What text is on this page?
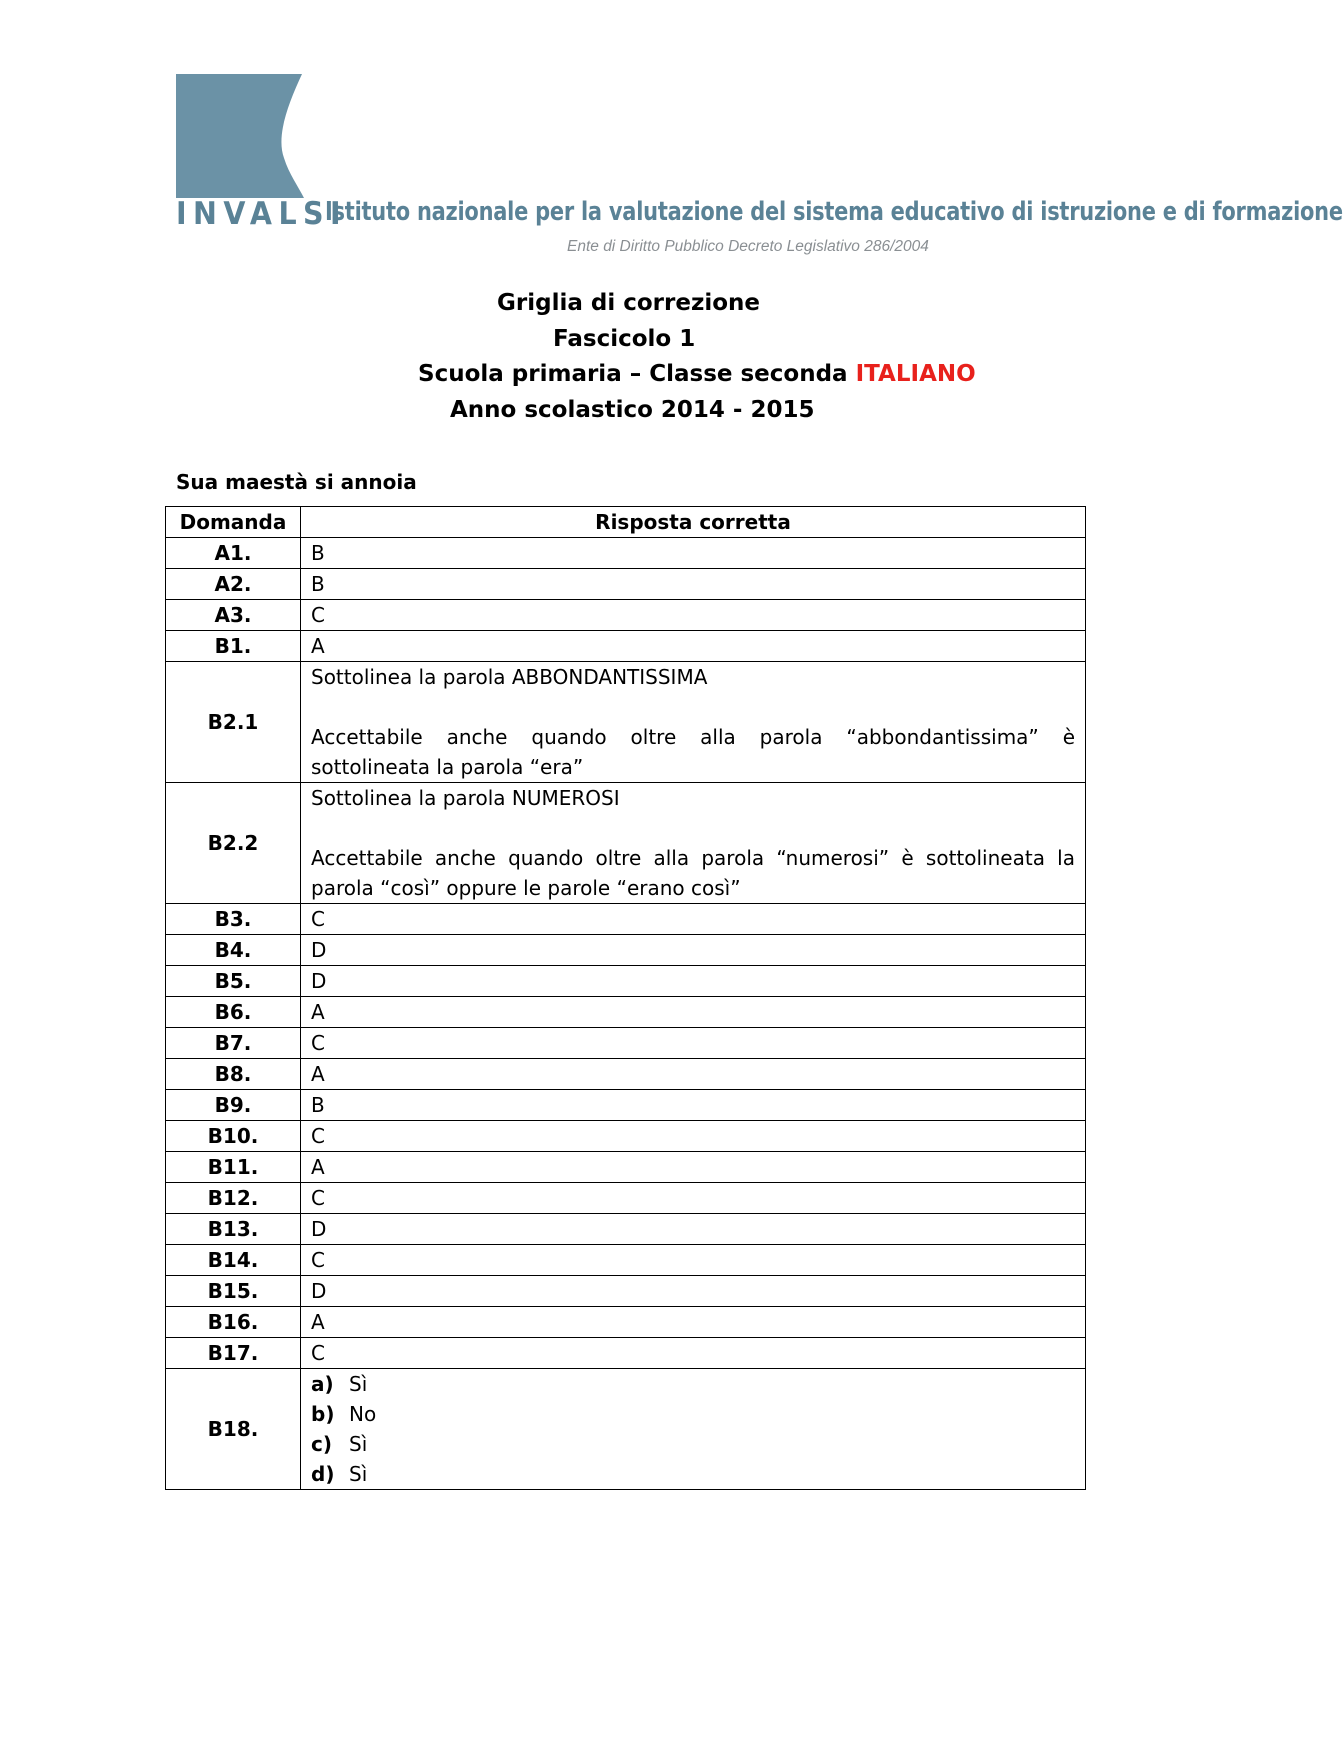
INVALSI
Istituto nazionale per la valutazione del sistema educativo di istruzione e di formazione
Ente di Diritto Pubblico Decreto Legislativo 286/2004
Griglia di correzione
Fascicolo 1
Scuola primaria – Classe seconda ITALIANO
Anno scolastico 2014 - 2015
Sua maestà si annoia
Domanda	Risposta corretta
A1.	B
A2.	B
A3.	C
B1.	A
B2.1	Sottolinea la parola ABBONDANTISSIMA
Accettabile anche quando oltre alla parola “abbondantissima” è sottolineata la parola “era”

B2.2	Sottolinea la parola NUMEROSI
Accettabile anche quando oltre alla parola “numerosi” è sottolineata la parola “così” oppure le parole “erano così”

B3.	C
B4.	D
B5.	D
B6.	A
B7.	C
B8.	A
B9.	B
B10.	C
B11.	A
B12.	C
B13.	D
B14.	C
B15.	D
B16.	A
B17.	C
B18.	a) Sì
b) No
c) Sì
d) Sì
